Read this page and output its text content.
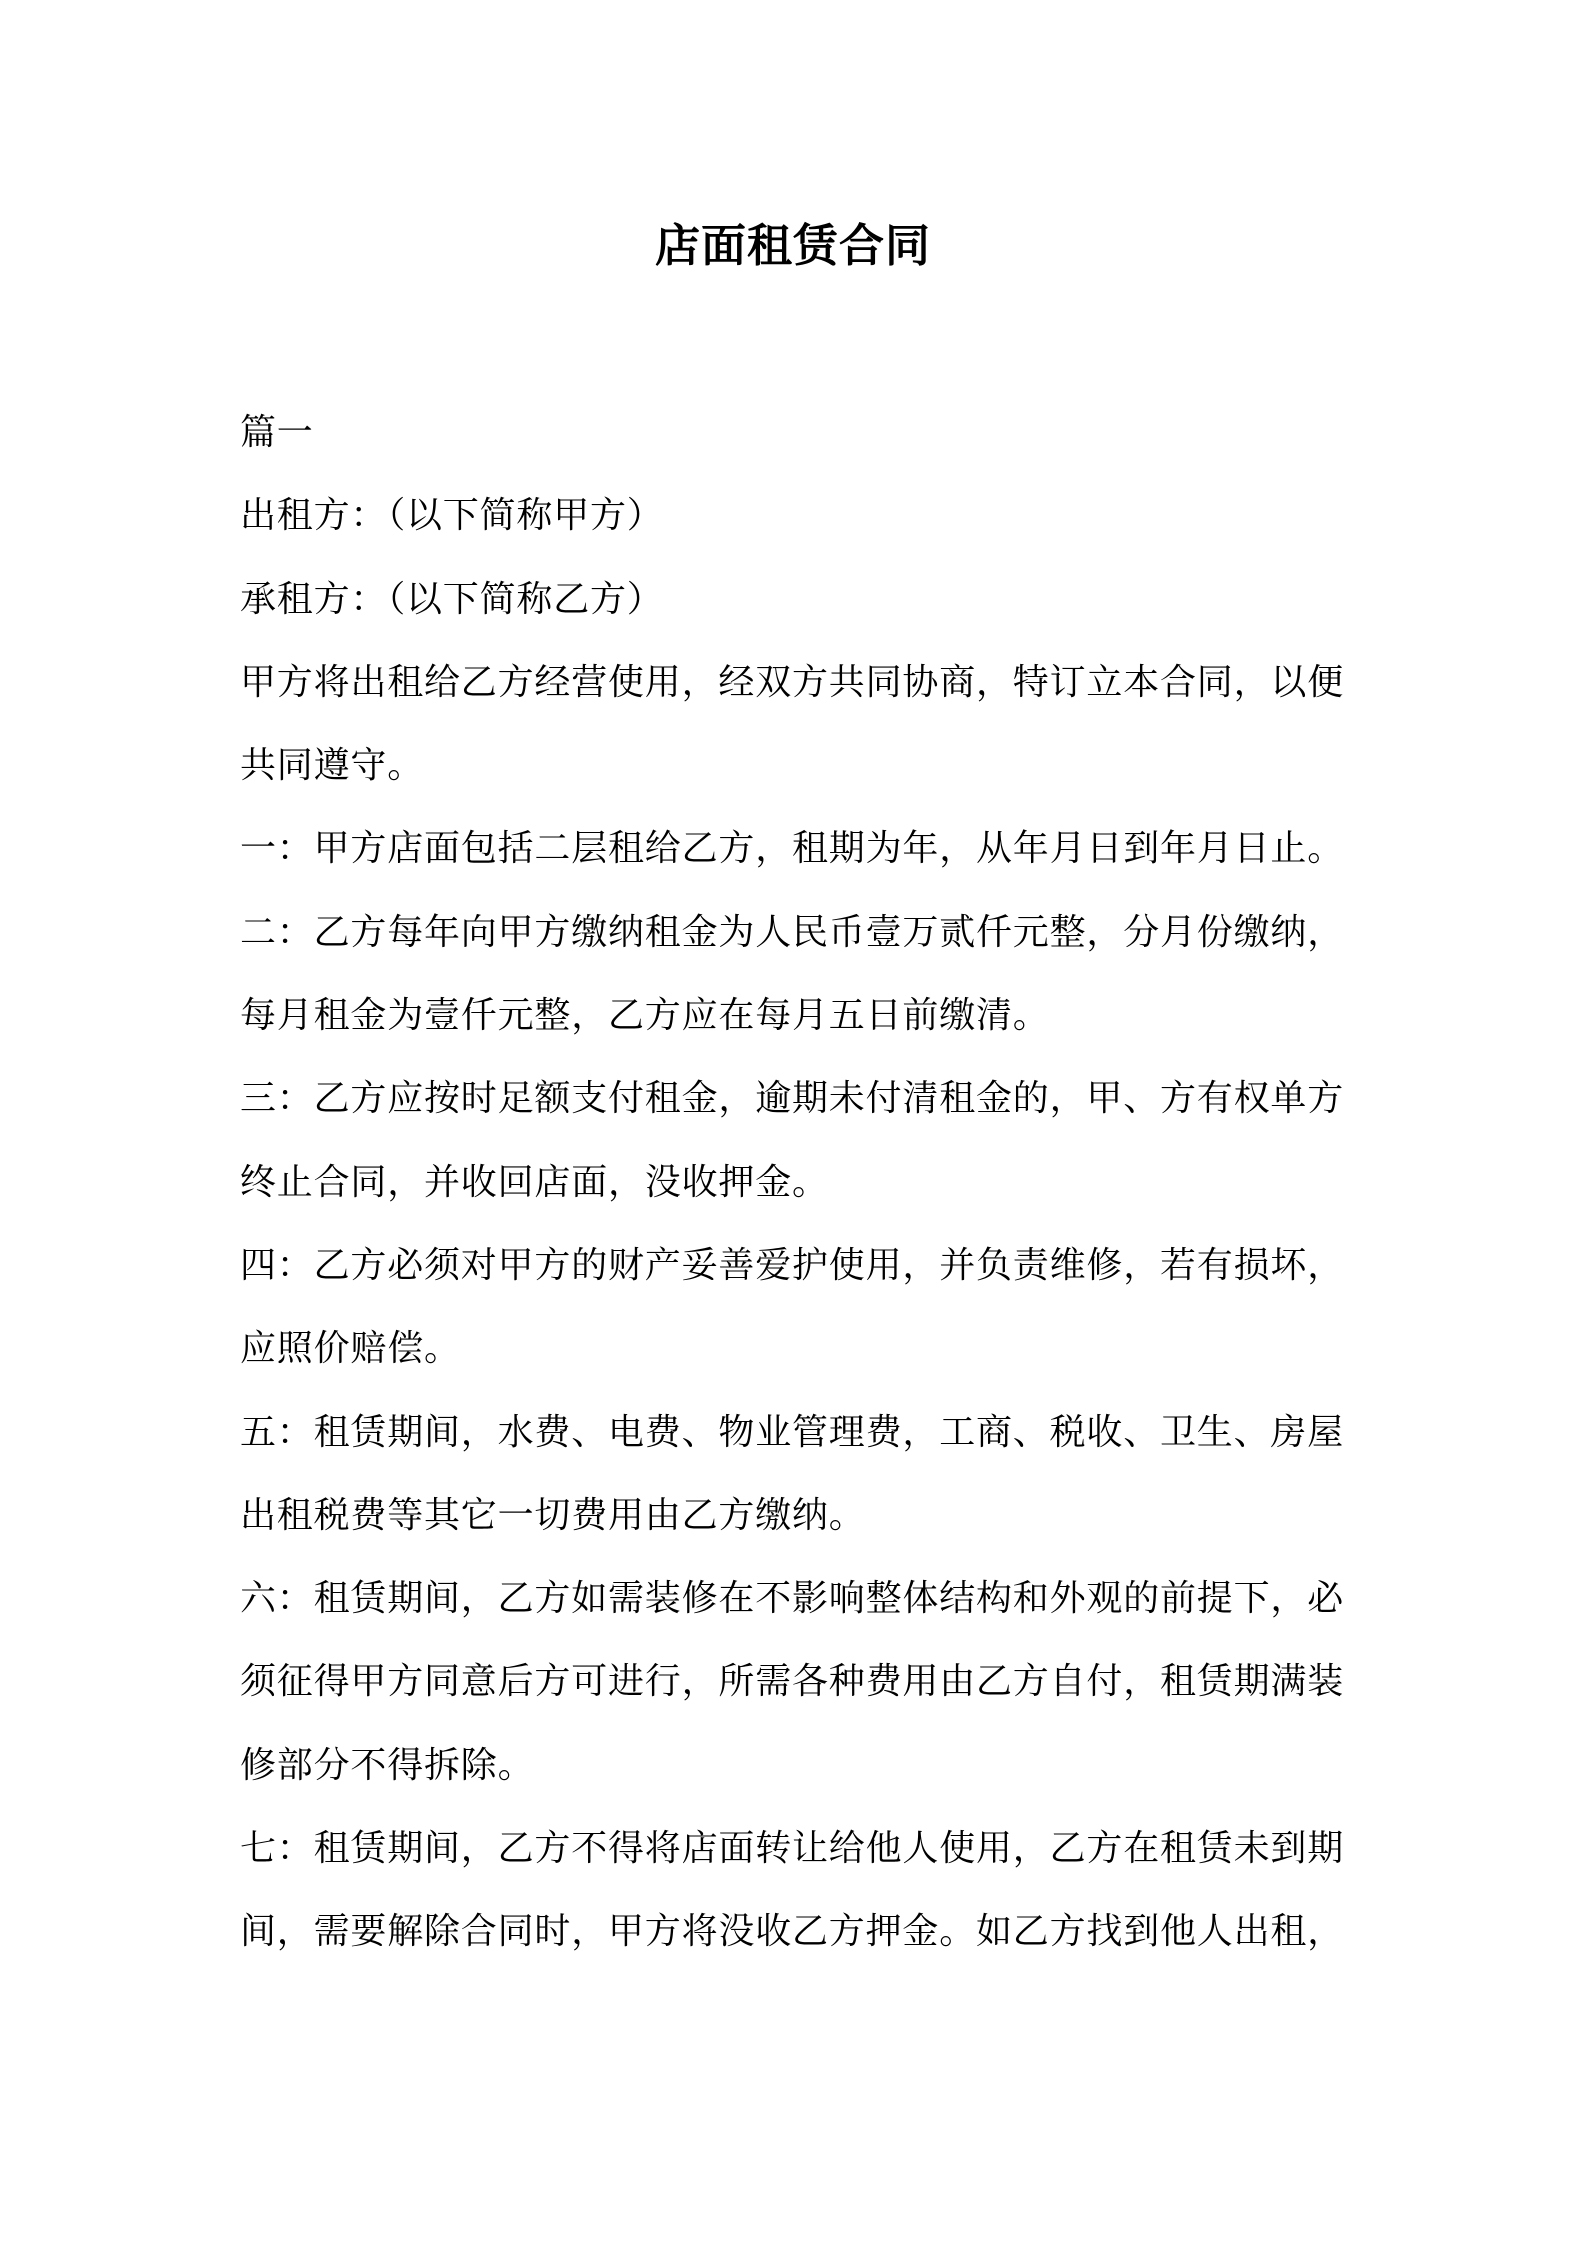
店面租赁合同
篇一
出租方：（以下简称甲方）
承租方：（以下简称乙方）
甲方将出租给乙方经营使用，经双方共同协商，特订立本合同，以便
共同遵守。
一：甲方店面包括二层租给乙方，租期为年，从年月日到年月日止。
二：乙方每年向甲方缴纳租金为人民币壹万贰仟元整，分月份缴纳，
每月租金为壹仟元整，乙方应在每月五日前缴清。
三：乙方应按时足额支付租金，逾期未付清租金的，甲、方有权单方
终止合同，并收回店面，没收押金。
四：乙方必须对甲方的财产妥善爱护使用，并负责维修，若有损坏，
应照价赔偿。
五：租赁期间，水费、电费、物业管理费，工商、税收、卫生、房屋
出租税费等其它一切费用由乙方缴纳。
六：租赁期间，乙方如需装修在不影响整体结构和外观的前提下，必
须征得甲方同意后方可进行，所需各种费用由乙方自付，租赁期满装
修部分不得拆除。
七：租赁期间，乙方不得将店面转让给他人使用，乙方在租赁未到期
间，需要解除合同时，甲方将没收乙方押金。如乙方找到他人出租，
